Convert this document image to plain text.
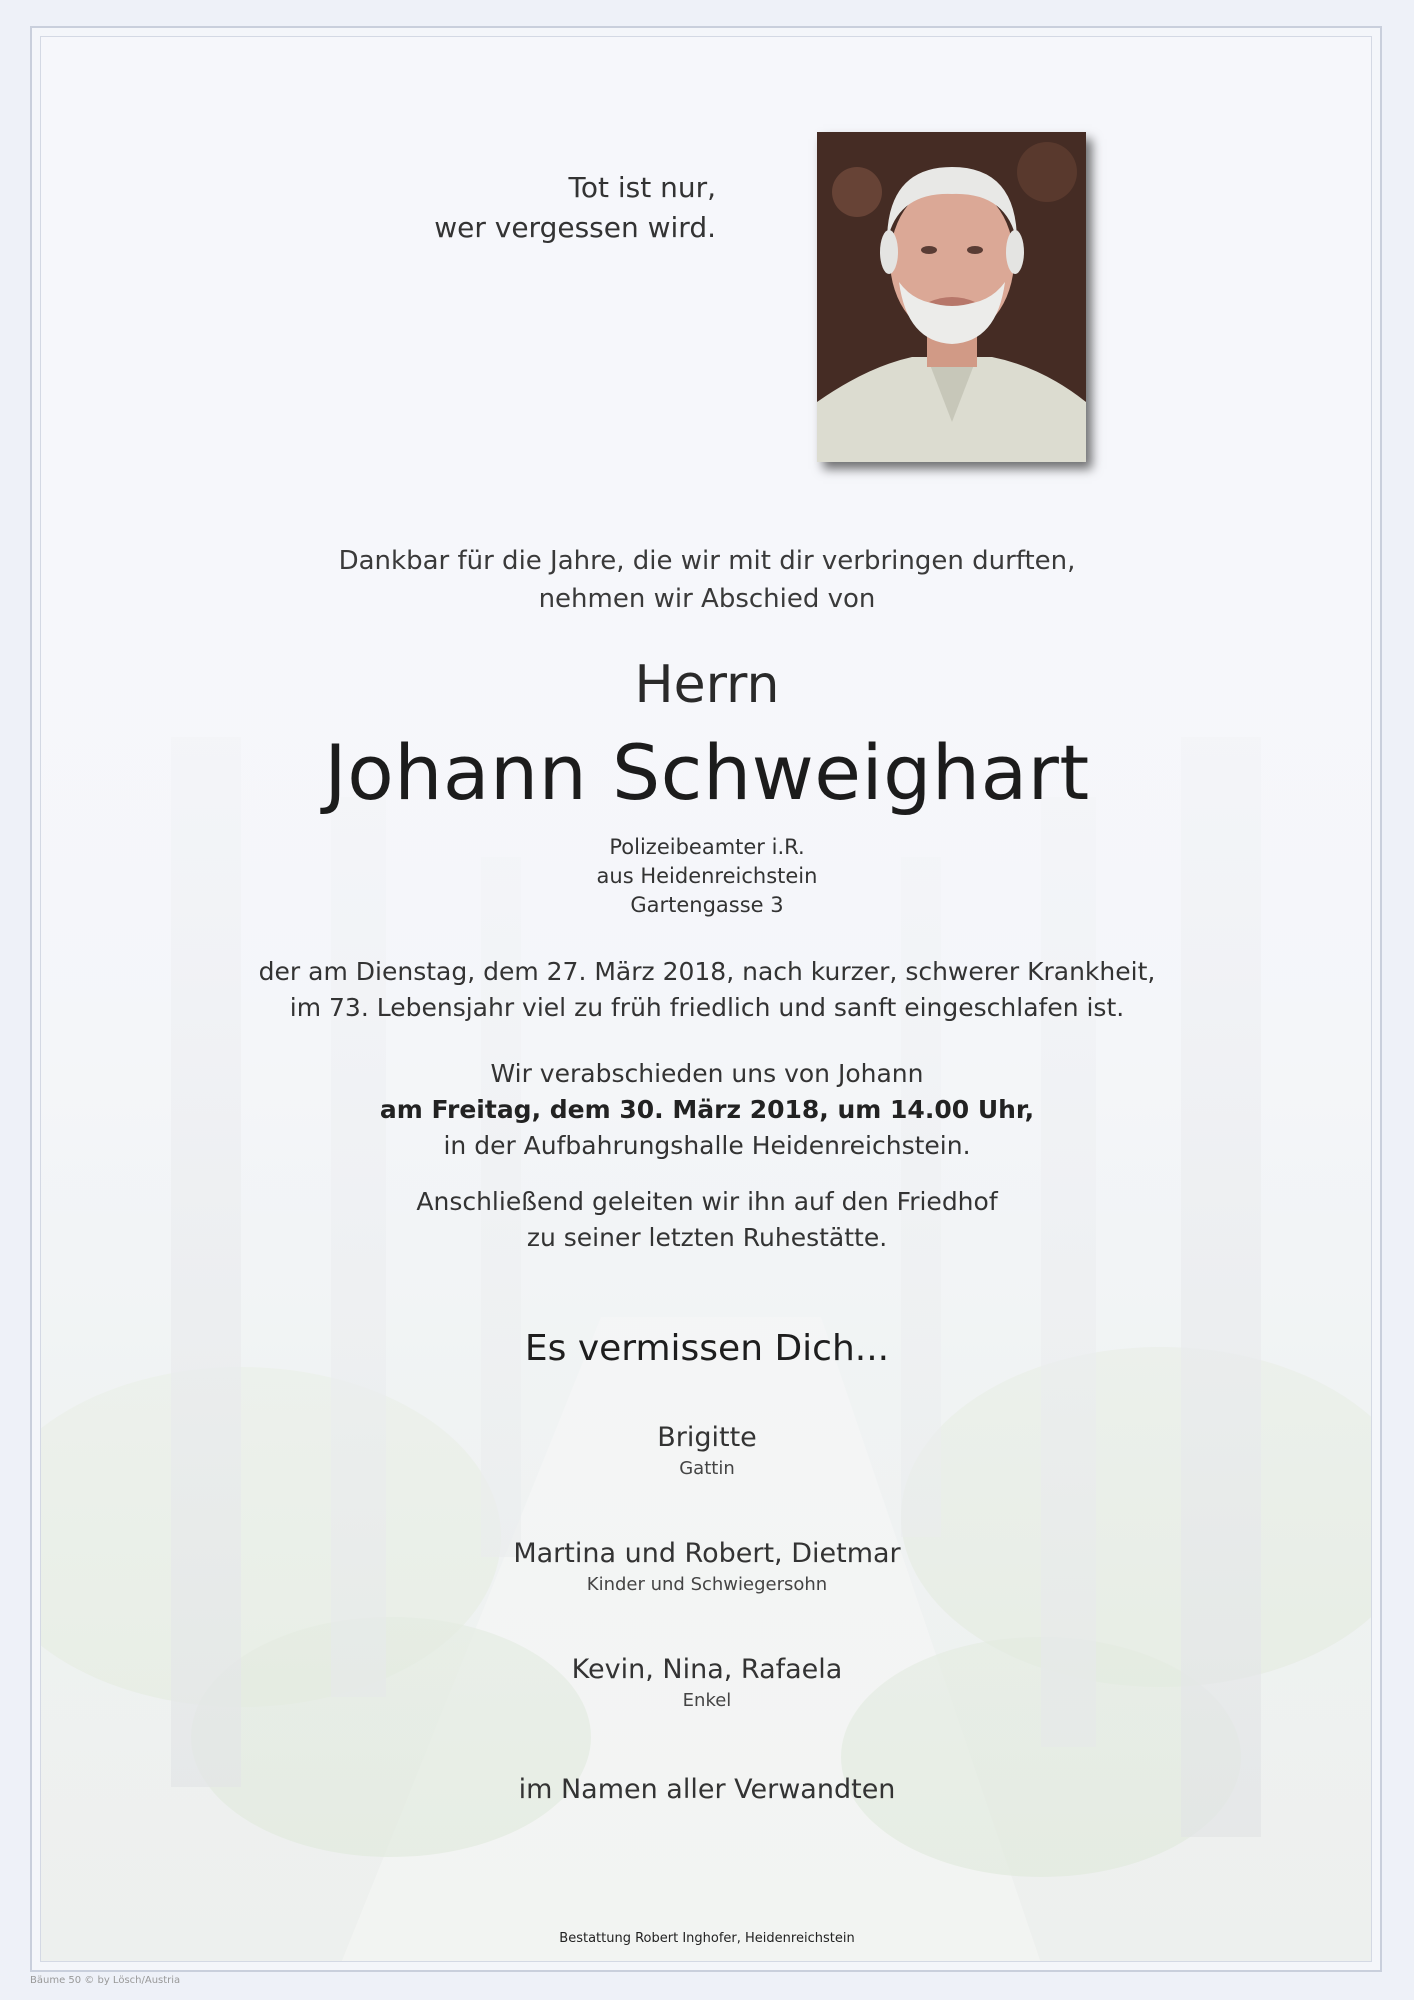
Tot ist nur,
wer vergessen wird.
Dankbar für die Jahre, die wir mit dir verbringen durften,
nehmen wir Abschied von
Herrn
Johann Schweighart
Polizeibeamter i.R.
aus Heidenreichstein
Gartengasse 3
der am Dienstag, dem 27. März 2018, nach kurzer, schwerer Krankheit,
im 73. Lebensjahr viel zu früh friedlich und sanft eingeschlafen ist.
Wir verabschieden uns von Johann
am Freitag, dem 30. März 2018, um 14.00 Uhr,
in der Aufbahrungshalle Heidenreichstein.
Anschließend geleiten wir ihn auf den Friedhof
zu seiner letzten Ruhestätte.
Es vermissen Dich...
Brigitte
Gattin
Martina und Robert, Dietmar
Kinder und Schwiegersohn
Kevin, Nina, Rafaela
Enkel
im Namen aller Verwandten
Bestattung Robert Inghofer, Heidenreichstein

Bäume 50 © by Lösch/Austria
